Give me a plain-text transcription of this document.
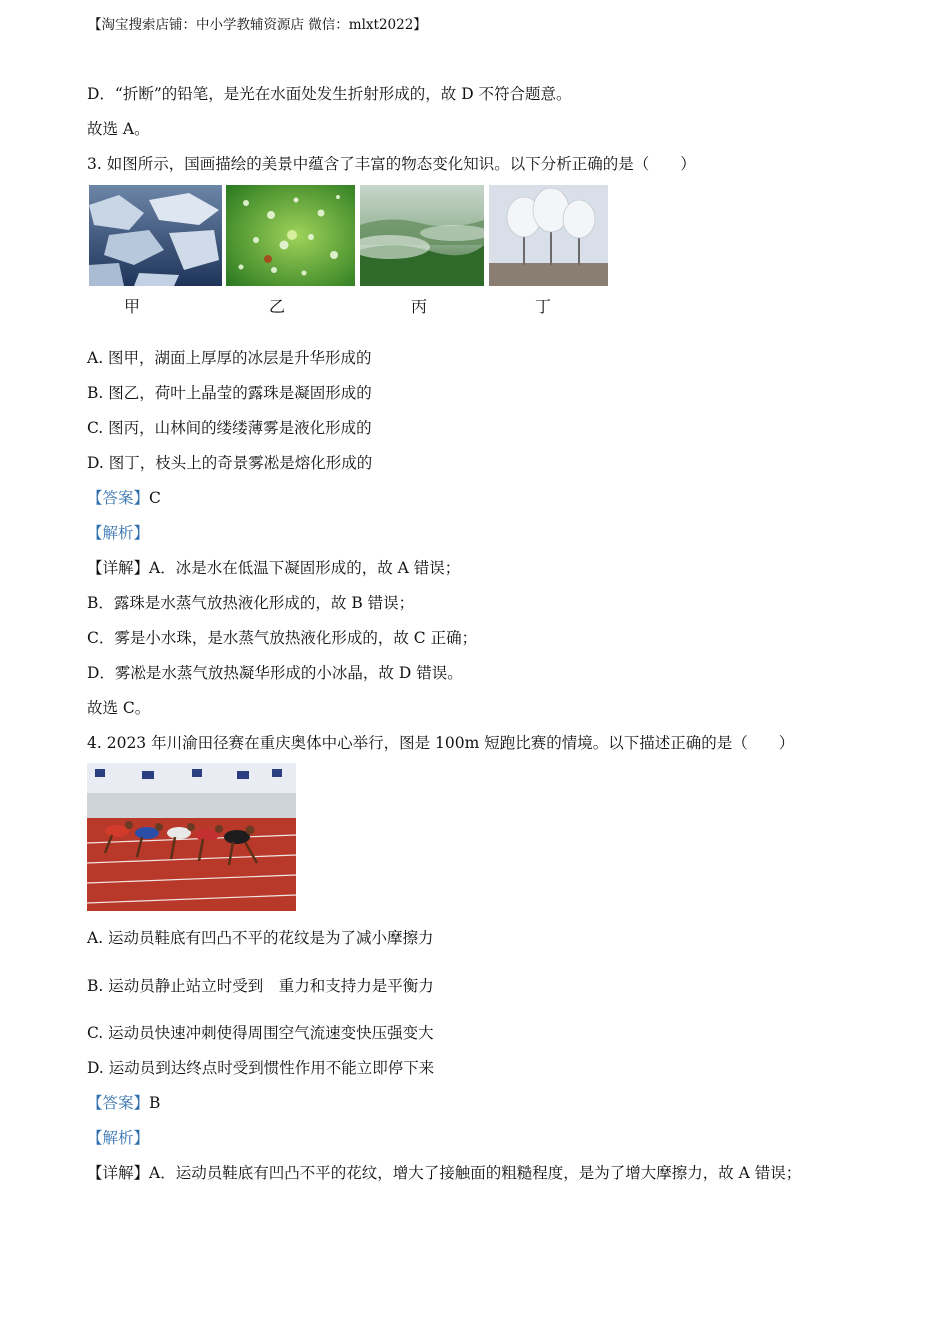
【淘宝搜索店铺：中小学教辅资源店 微信：mlxt2022】
D．“折断”的铅笔，是光在水面处发生折射形成的，故 D 不符合题意。
故选 A。
3. 如图所示，国画描绘的美景中蕴含了丰富的物态变化知识。以下分析正确的是（　　）
甲	乙	丙	丁
A. 图甲，湖面上厚厚的冰层是升华形成的
B. 图乙，荷叶上晶莹的露珠是凝固形成的
C. 图丙，山林间的缕缕薄雾是液化形成的
D. 图丁，枝头上的奇景雾凇是熔化形成的
【答案】C
【解析】
【详解】A．冰是水在低温下凝固形成的，故 A 错误；
B．露珠是水蒸气放热液化形成的，故 B 错误；
C．雾是小水珠，是水蒸气放热液化形成的，故 C 正确；
D．雾凇是水蒸气放热凝华形成的小冰晶，故 D 错误。
故选 C。
4. 2023 年川渝田径赛在重庆奥体中心举行，图是 100m 短跑比赛的情境。以下描述正确的是（　　）
A. 运动员鞋底有凹凸不平的花纹是为了减小摩擦力
B. 运动员静止站立时受到　重力和支持力是平衡力
C. 运动员快速冲刺使得周围空气流速变快压强变大
D. 运动员到达终点时受到惯性作用不能立即停下来
【答案】B
【解析】
【详解】A．运动员鞋底有凹凸不平的花纹，增大了接触面的粗糙程度，是为了增大摩擦力，故 A 错误；
